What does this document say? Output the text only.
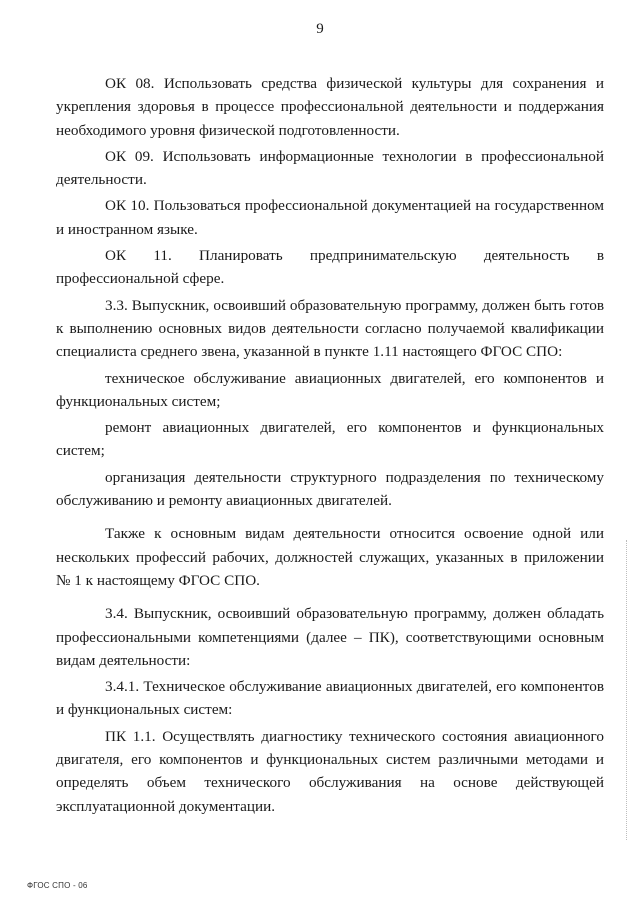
9

ОК 08. Использовать средства физической культуры для сохранения и укрепления здоровья в процессе профессиональной деятельности и поддержания необходимого уровня физической подготовленности.

ОК 09. Использовать информационные технологии в профессиональной деятельности.

ОК 10. Пользоваться профессиональной документацией на государственном и иностранном языке.

ОК 11. Планировать предпринимательскую деятельность в профессиональной сфере.

3.3. Выпускник, освоивший образовательную программу, должен быть готов к выполнению основных видов деятельности согласно получаемой квалификации специалиста среднего звена, указанной в пункте 1.11 настоящего ФГОС СПО:

техническое обслуживание авиационных двигателей, его компонентов и функциональных систем;

ремонт авиационных двигателей, его компонентов и функциональных систем;

организация деятельности структурного подразделения по техническому обслуживанию и ремонту авиационных двигателей.

Также к основным видам деятельности относится освоение одной или нескольких профессий рабочих, должностей служащих, указанных в приложении № 1 к настоящему ФГОС СПО.

3.4. Выпускник, освоивший образовательную программу, должен обладать профессиональными компетенциями (далее – ПК), соответствующими основным видам деятельности:

3.4.1. Техническое обслуживание авиационных двигателей, его компонентов и функциональных систем:

ПК 1.1. Осуществлять диагностику технического состояния авиационного двигателя, его компонентов и функциональных систем различными методами и определять объем технического обслуживания на основе действующей эксплуатационной документации.

ФГОС СПО - 06
